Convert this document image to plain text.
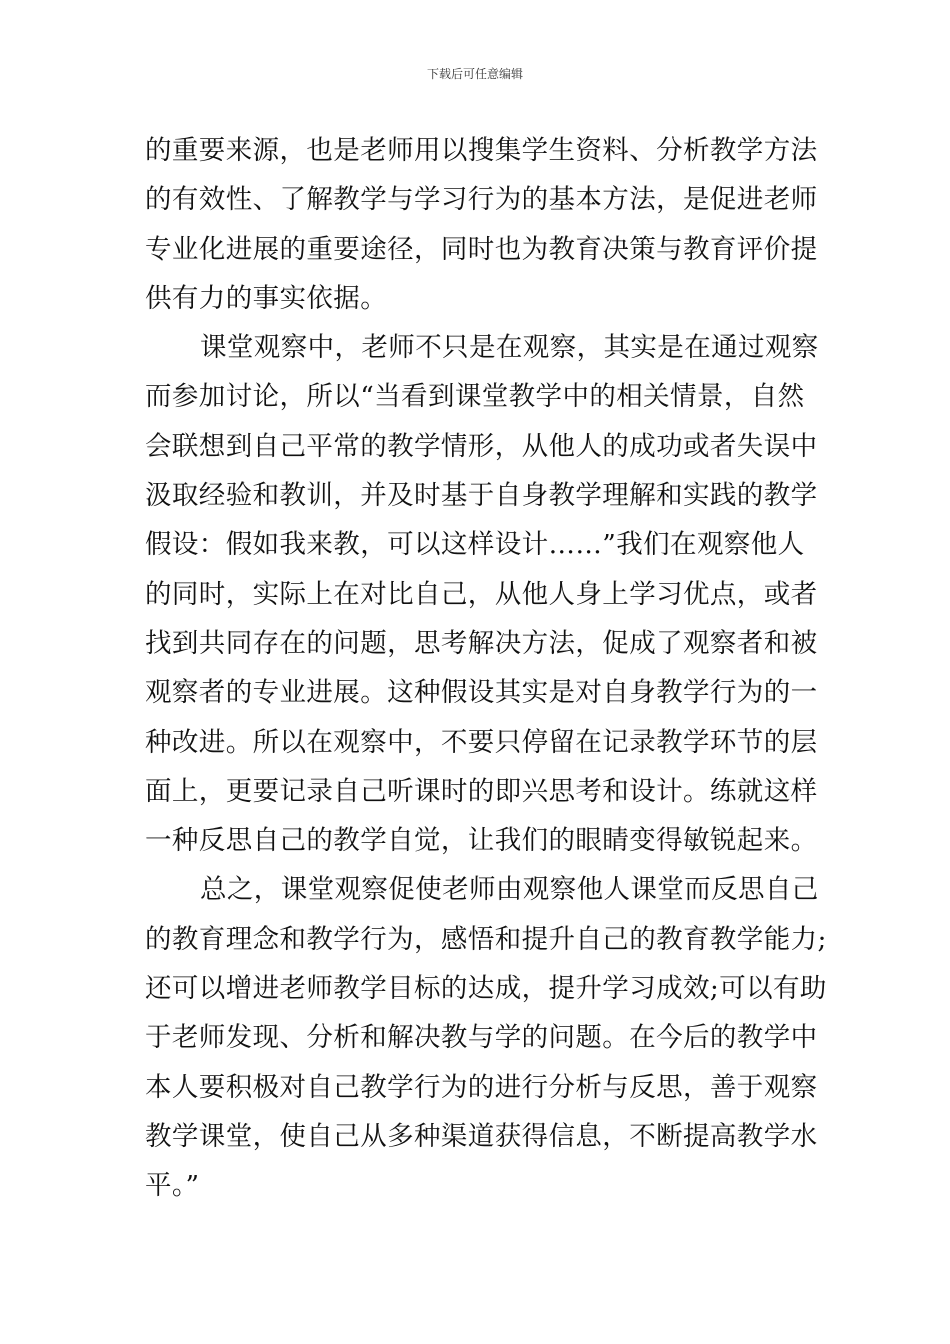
下载后可任意编辑
的重要来源，也是老师用以搜集学生资料、分析教学方法
的有效性、了解教学与学习行为的基本方法，是促进老师
专业化进展的重要途径，同时也为教育决策与教育评价提
供有力的事实依据。
课堂观察中，老师不只是在观察，其实是在通过观察
而参加讨论，所以“当看到课堂教学中的相关情景，自然
会联想到自己平常的教学情形，从他人的成功或者失误中
汲取经验和教训，并及时基于自身教学理解和实践的教学
假设：假如我来教，可以这样设计……”我们在观察他人
的同时，实际上在对比自己，从他人身上学习优点，或者
找到共同存在的问题，思考解决方法，促成了观察者和被
观察者的专业进展。这种假设其实是对自身教学行为的一
种改进。所以在观察中，不要只停留在记录教学环节的层
面上，更要记录自己听课时的即兴思考和设计。练就这样
一种反思自己的教学自觉，让我们的眼睛变得敏锐起来。
总之，课堂观察促使老师由观察他人课堂而反思自己
的教育理念和教学行为，感悟和提升自己的教育教学能力;
还可以增进老师教学目标的达成，提升学习成效;可以有助
于老师发现、分析和解决教与学的问题。在今后的教学中
本人要积极对自己教学行为的进行分析与反思，善于观察
教学课堂，使自己从多种渠道获得信息，不断提高教学水
平。”
